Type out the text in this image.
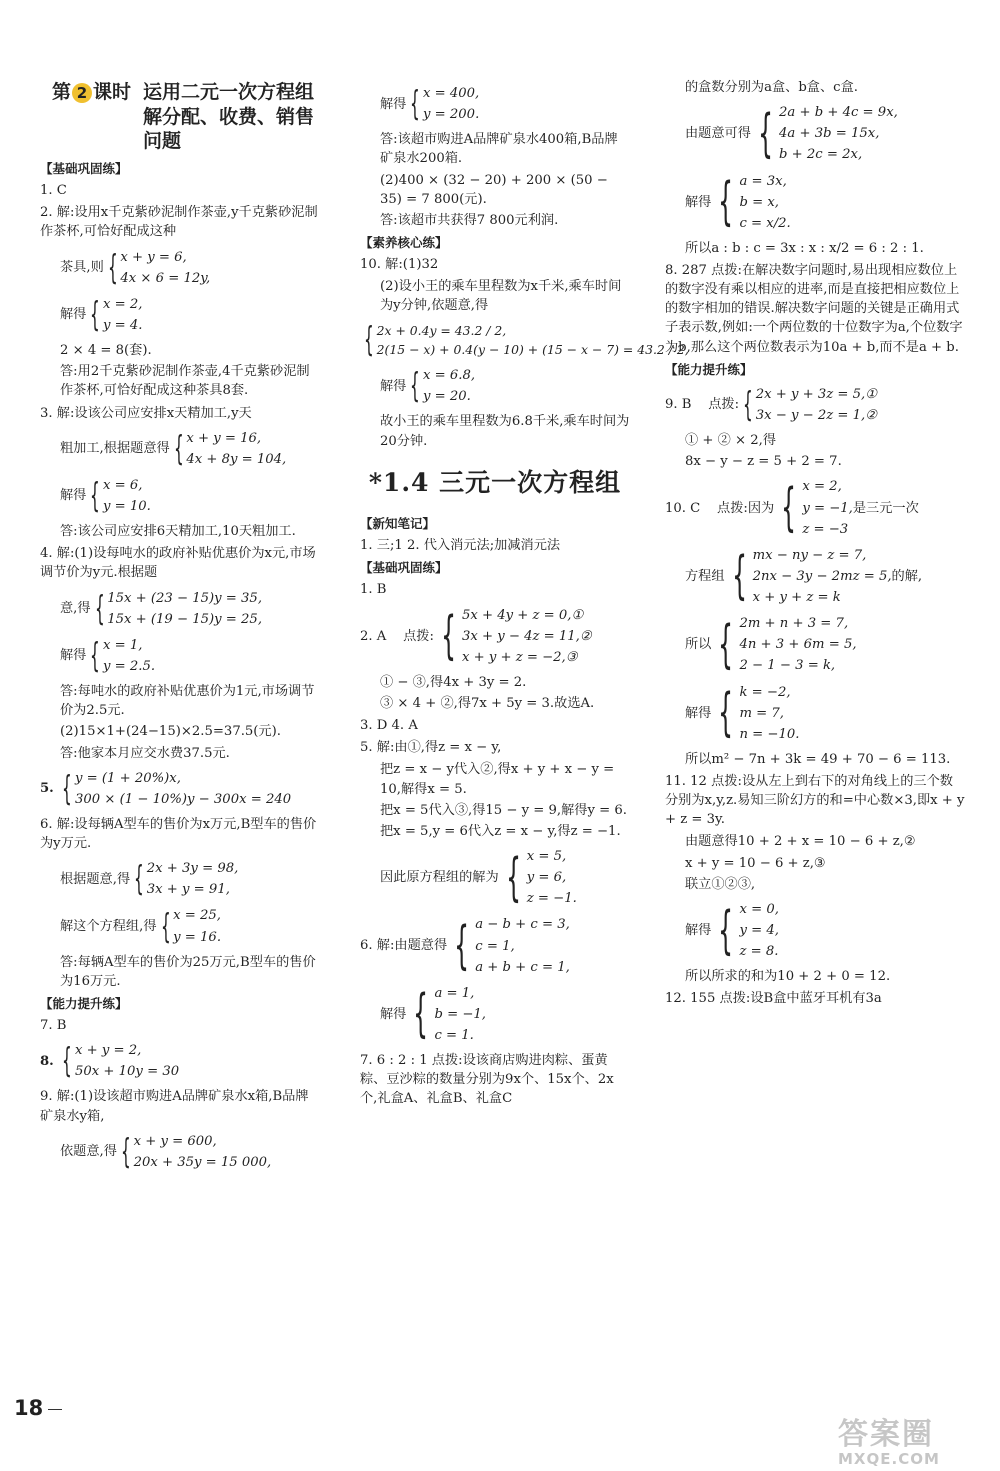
第 2 课时 运用二元一次方程组解分配、收费、销售问题
【基础巩固练】
1. C
2. 解:设用x千克紫砂泥制作茶壶,y千克紫砂泥制作茶杯,可恰好配成这种
茶具,则 { x + y = 6,
4x × 6 = 12y,
解得 { x = 2,
y = 4.
2 × 4 = 8(套).
答:用2千克紫砂泥制作茶壶,4千克紫砂泥制作茶杯,可恰好配成这种茶具8套.
3. 解:设该公司应安排x天精加工,y天
粗加工,根据题意得 { x + y = 16,
4x + 8y = 104,
解得 { x = 6,
y = 10.
答:该公司应安排6天精加工,10天粗加工.
4. 解:(1)设每吨水的政府补贴优惠价为x元,市场调节价为y元.根据题
意,得 { 15x + (23 − 15)y = 35,
15x + (19 − 15)y = 25,
解得 { x = 1,
y = 2.5.
答:每吨水的政府补贴优惠价为1元,市场调节价为2.5元.
(2)15×1+(24−15)×2.5=37.5(元).
答:他家本月应交水费37.5元.
5. { y = (1 + 20%)x,
300 × (1 − 10%)y − 300x = 240
6. 解:设每辆A型车的售价为x万元,B型车的售价为y万元.
根据题意,得 { 2x + 3y = 98,
3x + y = 91,
解这个方程组,得 { x = 25,
y = 16.
答:每辆A型车的售价为25万元,B型车的售价为16万元.
【能力提升练】
7. B
8. { x + y = 2,
50x + 10y = 30
9. 解:(1)设该超市购进A品牌矿泉水x箱,B品牌矿泉水y箱,
依题意,得 { x + y = 600,
20x + 35y = 15 000,
解得 { x = 400,
y = 200.
答:该超市购进A品牌矿泉水400箱,B品牌矿泉水200箱.
(2)400 × (32 − 20) + 200 × (50 − 35) = 7 800(元).
答:该超市共获得7 800元利润.
【素养核心练】
10. 解:(1)32
(2)设小王的乘车里程数为x千米,乘车时间为y分钟,依题意,得
{ 2x + 0.4y = 43.2 / 2,
2(15 − x) + 0.4(y − 10) + (15 − x − 7) = 43.2 / 2,
解得 { x = 6.8,
y = 20.
故小王的乘车里程数为6.8千米,乘车时间为20分钟.
*1.4 三元一次方程组
【新知笔记】
1. 三;1 2. 代入消元法;加减消元法
【基础巩固练】
1. B
2. A    点拨: { 5x + 4y + z = 0,①
3x + y − 4z = 11,②
x + y + z = −2,③
① − ③,得4x + 3y = 2.
③ × 4 + ②,得7x + 5y = 3.故选A.
3. D 4. A
5. 解:由①,得z = x − y,
把z = x − y代入②,得x + y + x − y = 10,解得x = 5.
把x = 5代入③,得15 − y = 9,解得y = 6.
把x = 5,y = 6代入z = x − y,得z = −1.
因此原方程组的解为 { x = 5,
y = 6,
z = −1.
6. 解:由题意得 { a − b + c = 3,
c = 1,
a + b + c = 1,
解得 { a = 1,
b = −1,
c = 1.
7. 6 : 2 : 1 点拨:设该商店购进肉粽、蛋黄粽、豆沙粽的数量分别为9x个、15x个、2x个,礼盒A、礼盒B、礼盒C
的盒数分别为a盒、b盒、c盒.
由题意可得 { 2a + b + 4c = 9x,
4a + 3b = 15x,
b + 2c = 2x,
解得 { a = 3x,
b = x,
c = x/2.
所以a : b : c = 3x : x : x/2 = 6 : 2 : 1.
8. 287 点拨:在解决数字问题时,易出现相应数位上的数字没有乘以相应的进率,而是直接把相应数位上的数字相加的错误.解决数字问题的关键是正确用式子表示数,例如:一个两位数的十位数字为a,个位数字为b,那么这个两位数表示为10a + b,而不是a + b.
【能力提升练】
9. B    点拨: { 2x + y + 3z = 5,①
3x − y − 2z = 1,②
① + ② × 2,得
8x − y − z = 5 + 2 = 7.
10. C    点拨:因为 { x = 2,
y = −1,
z = −3
是三元一次
方程组 { mx − ny − z = 7,
2nx − 3y − 2mz = 5,
x + y + z = k
的解,
所以 { 2m + n + 3 = 7,
4n + 3 + 6m = 5,
2 − 1 − 3 = k,
解得 { k = −2,
m = 7,
n = −10.
所以m² − 7n + 3k = 49 + 70 − 6 = 113.
11. 12 点拨:设从左上到右下的对角线上的三个数分别为x,y,z.易知三阶幻方的和=中心数×3,即x + y + z = 3y.
由题意得10 + 2 + x = 10 − 6 + z,②
x + y = 10 − 6 + z,③
联立①②③,
解得 { x = 0,
y = 4,
z = 8.
所以所求的和为10 + 2 + 0 = 12.
12. 155 点拨:设B盒中蓝牙耳机有3a
18
答案圈
MXQE.COM
